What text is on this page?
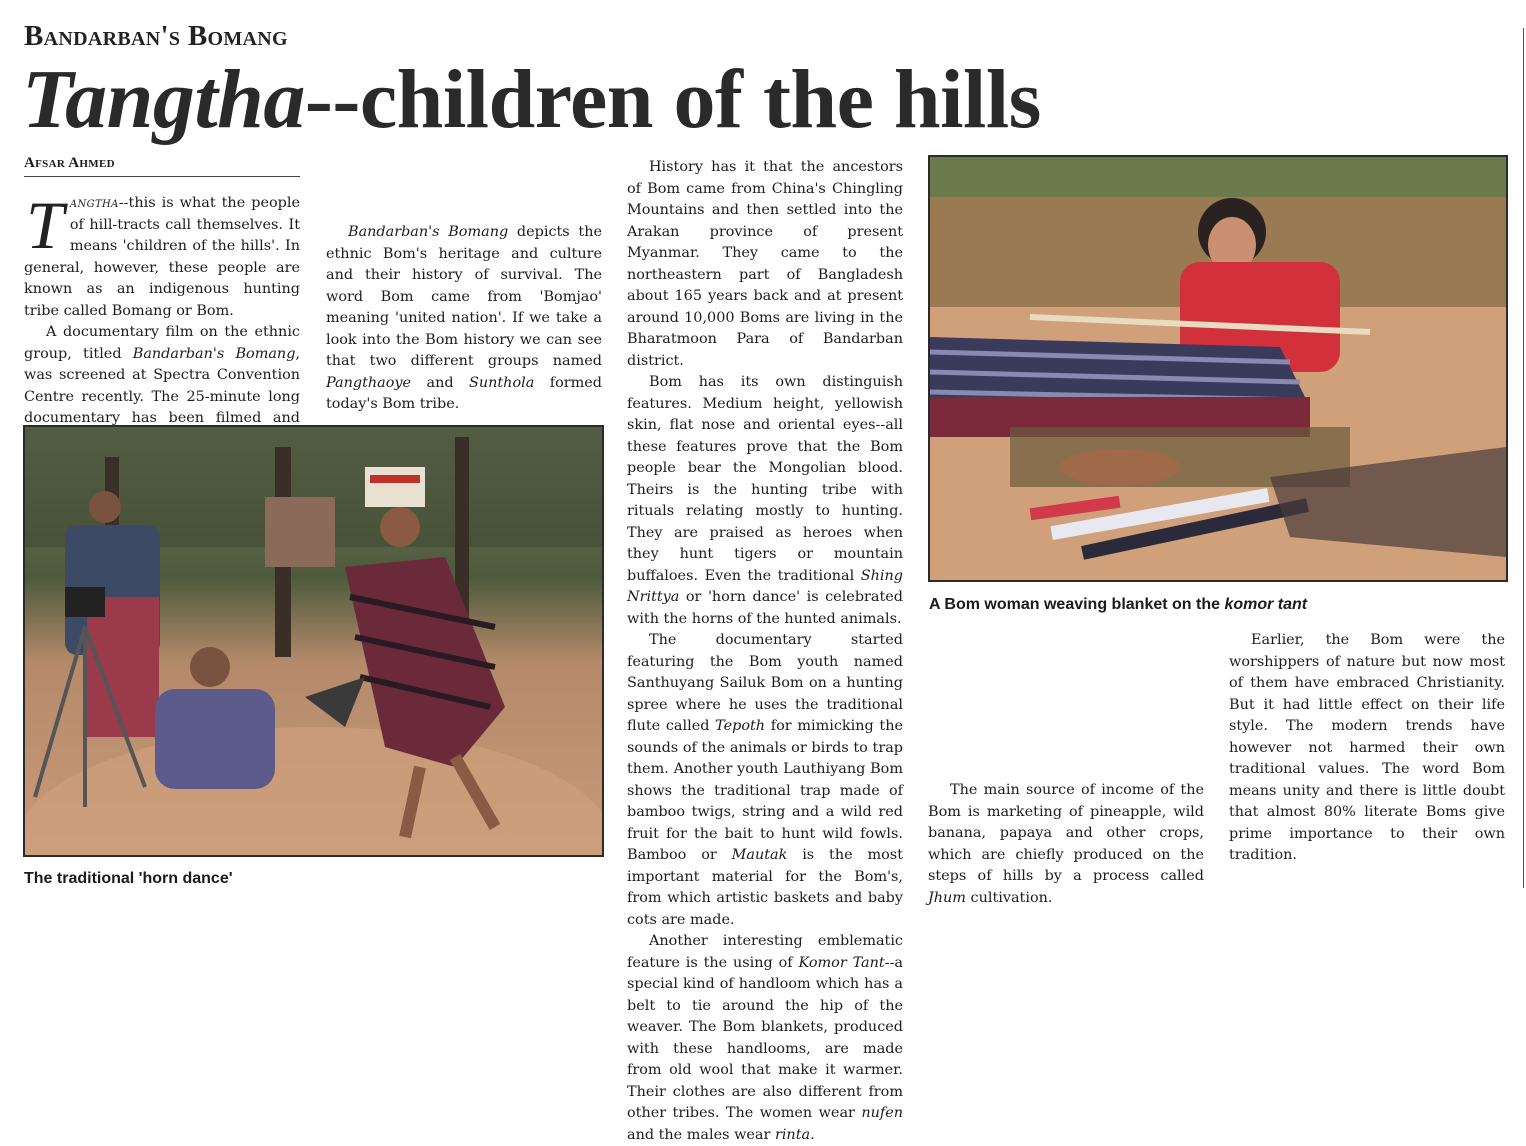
Bandarban's Bomang
Tangtha--children of the hills
Afsar Ahmed

Tangtha--this is what the people of hill-tracts call themselves. It means 'children of the hills'. In general, however, these people are known as an indigenous hunting tribe called Bomang or Bom.

A documentary film on the ethnic group, titled Bandarban's Bomang, was screened at Spectra Convention Centre recently. The 25-minute long documentary has been filmed and

The traditional 'horn dance'

Bandarban's Bomang depicts the ethnic Bom's heritage and culture and their history of survival. The word Bom came from 'Bomjao' meaning 'united nation'. If we take a look into the Bom history we can see that two different groups named Pangthaoye and Sunthola formed today's Bom tribe.

History has it that the ancestors of Bom came from China's Chingling Mountains and then settled into the Arakan province of present Myanmar. They came to the northeastern part of Bangladesh about 165 years back and at present around 10,000 Boms are living in the Bharatmoon Para of Bandarban district.

Bom has its own distinguish features. Medium height, yellowish skin, flat nose and oriental eyes--all these features prove that the Bom people bear the Mongolian blood. Theirs is the hunting tribe with rituals relating mostly to hunting. They are praised as heroes when they hunt tigers or mountain buffaloes. Even the traditional Shing Nrittya or 'horn dance' is celebrated with the horns of the hunted animals.

The documentary started featuring the Bom youth named Santhuyang Sailuk Bom on a hunting spree where he uses the traditional flute called Tepoth for mimicking the sounds of the animals or birds to trap them. Another youth Lauthiyang Bom shows the traditional trap made of bamboo twigs, string and a wild red fruit for the bait to hunt wild fowls. Bamboo or Mautak is the most important material for the Bom's, from which artistic baskets and baby cots are made.

Another interesting emblematic feature is the using of Komor Tant--a special kind of handloom which has a belt to tie around the hip of the weaver. The Bom blankets, produced with these handlooms, are made from old wool that make it warmer. Their clothes are also different from other tribes. The women wear nufen and the males wear rinta.

A Bom woman weaving blanket on the komor tant

The main source of income of the Bom is marketing of pineapple, wild banana, papaya and other crops, which are chiefly produced on the steps of hills by a process called Jhum cultivation.

Earlier, the Bom were the worshippers of nature but now most of them have embraced Christianity. But it had little effect on their life style. The modern trends have however not harmed their own traditional values. The word Bom means unity and there is little doubt that almost 80% literate Boms give prime importance to their own tradition.
